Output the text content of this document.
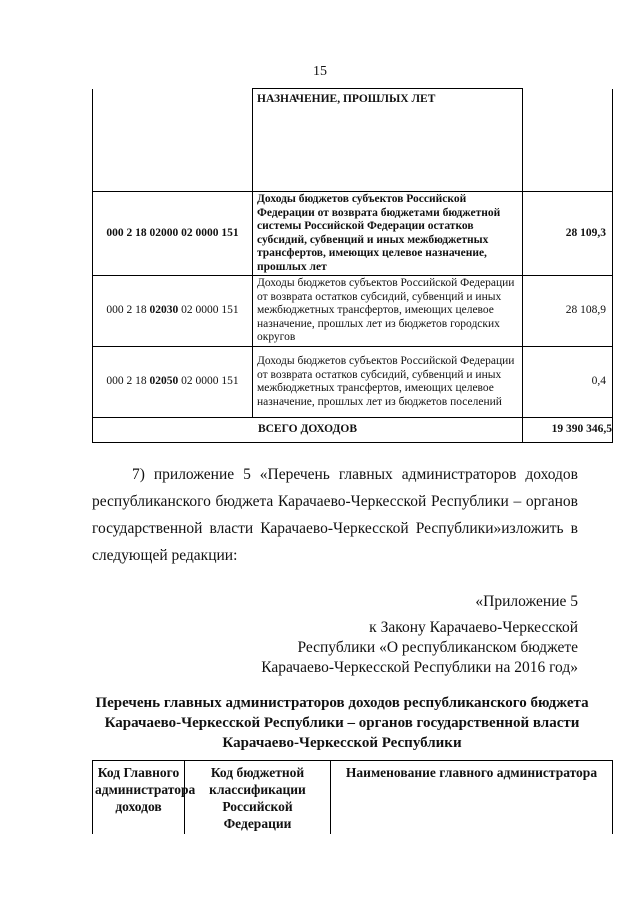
15
	НАЗНАЧЕНИЕ, ПРОШЛЫХ ЛЕТ	
000 2 18 02000 02 0000 151	Доходы бюджетов субъектов Российской Федерации от возврата бюджетами бюджетной системы Российской Федерации остатков субсидий, субвенций и иных межбюджетных трансфертов, имеющих целевое назначение, прошлых лет	28 109,3
000 2 18 02030 02 0000 151	Доходы бюджетов субъектов Российской Федерации от возврата остатков субсидий, субвенций и иных межбюджетных трансфертов, имеющих целевое назначение, прошлых лет из бюджетов городских округов	28 108,9
000 2 18 02050 02 0000 151	Доходы бюджетов субъектов Российской Федерации от возврата остатков субсидий, субвенций и иных межбюджетных трансфертов, имеющих целевое назначение, прошлых лет из бюджетов поселений	0,4
ВСЕГО ДОХОДОВ		19 390 346,5
7) приложение 5 «Перечень главных администраторов доходов республиканского бюджета Карачаево-Черкесской Республики – органов государственной власти Карачаево-Черкесской Республики»изложить в следующей редакции:
«Приложение 5
к Закону Карачаево-Черкесской
Республики «О республиканском бюджете
Карачаево-Черкесской Республики на 2016 год»
Перечень главных администраторов доходов республиканского бюджета Карачаево-Черкесской Республики – органов государственной власти Карачаево-Черкесской Республики
Код Главного администратора доходов	Код бюджетной классификации Российской Федерации	Наименование главного администратора
